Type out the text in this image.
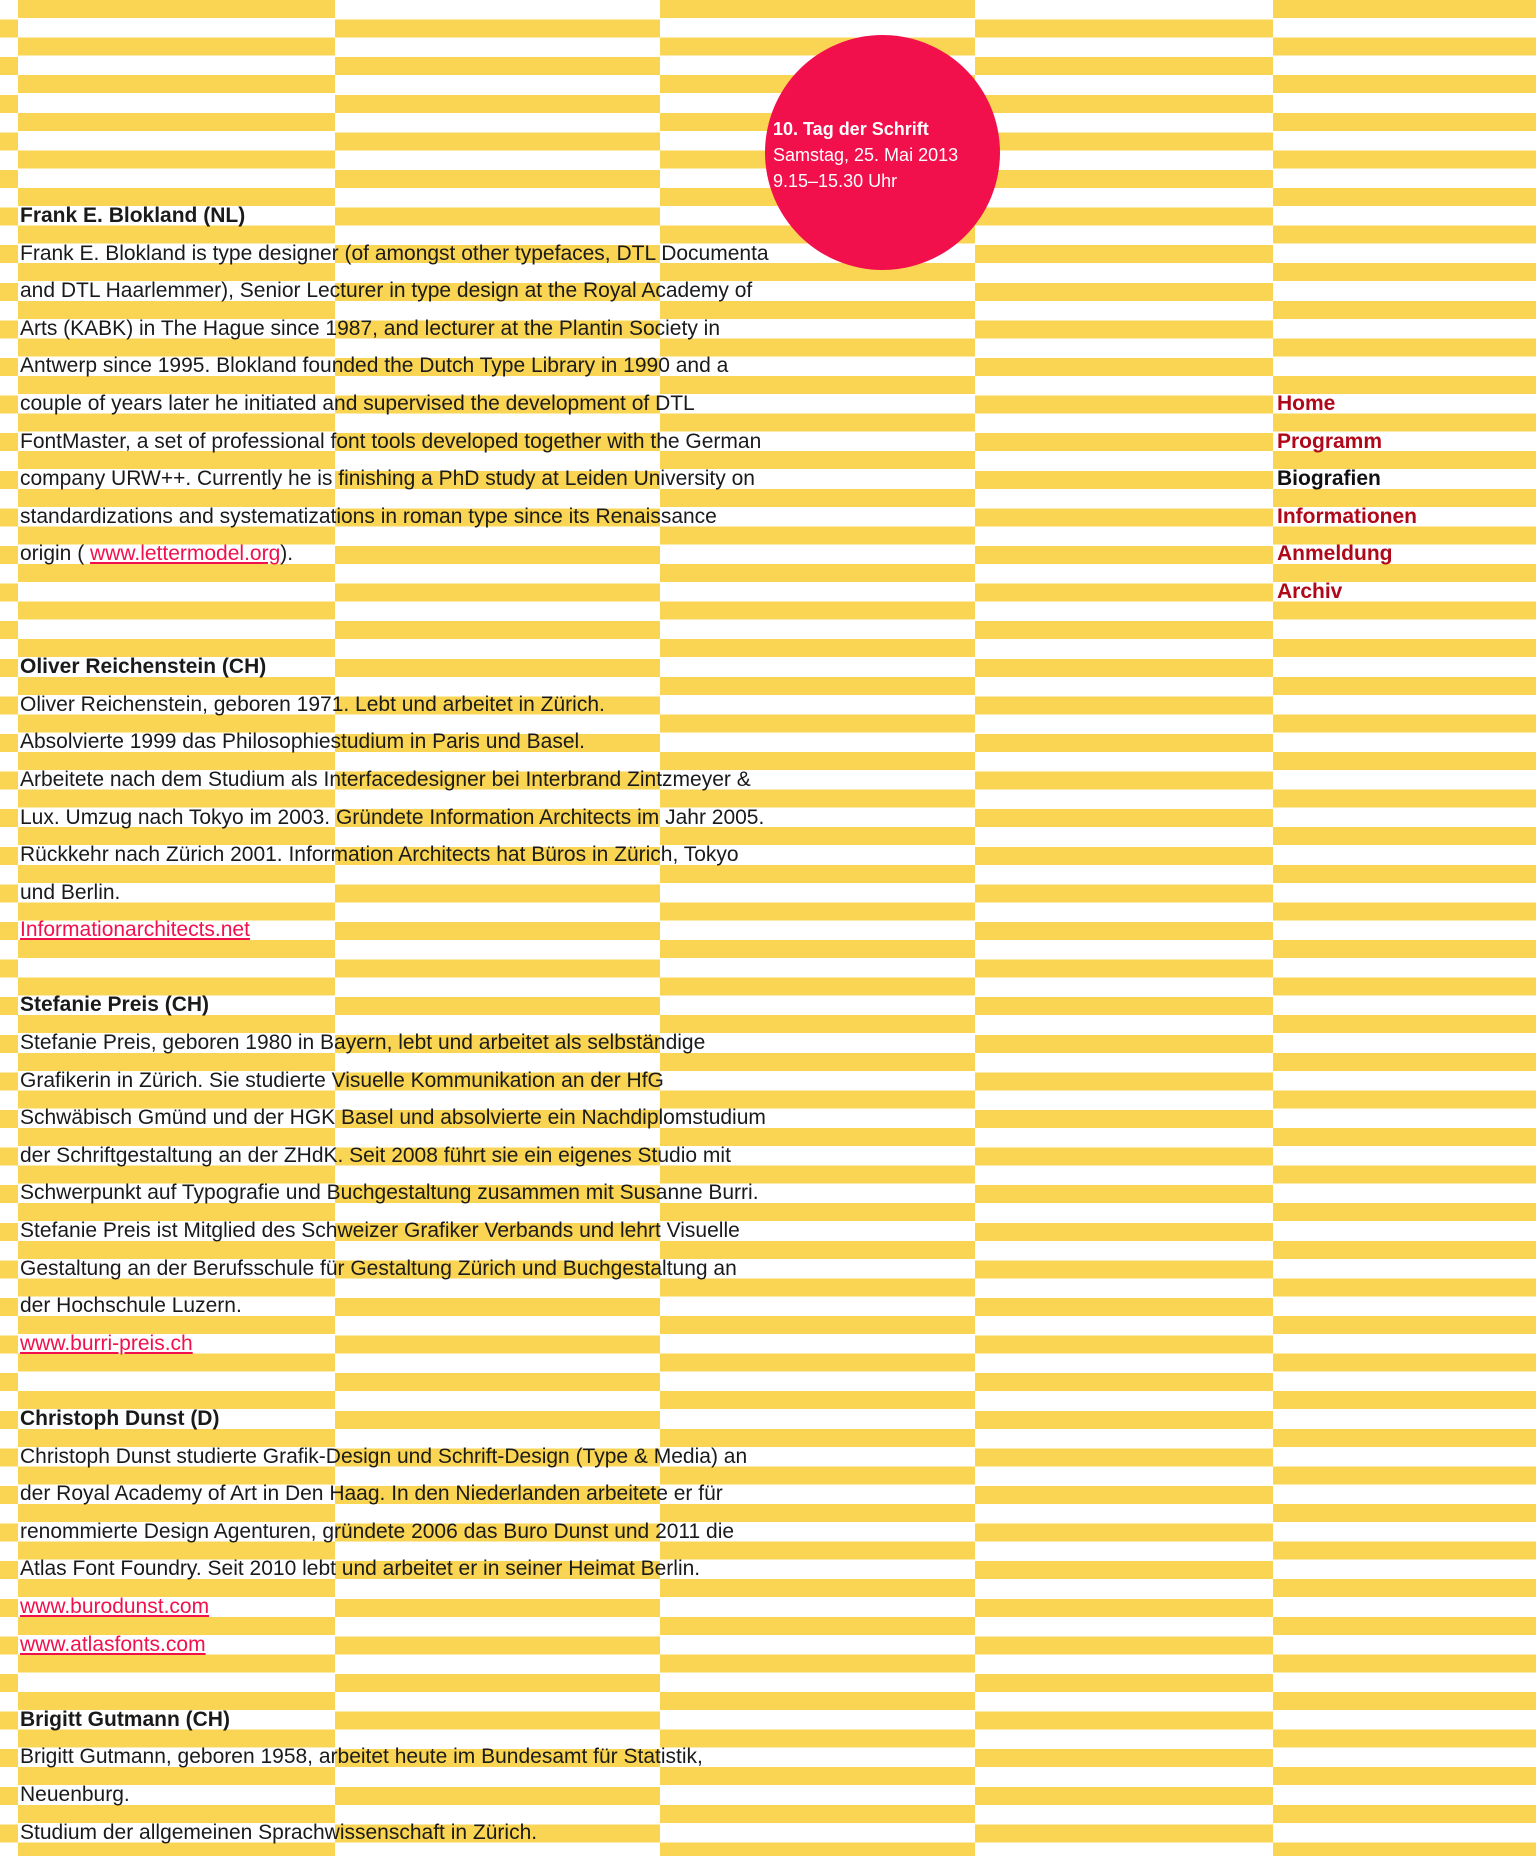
Frank E. Blokland (NL)
Frank E. Blokland is type designer (of amongst other typefaces, DTL Documenta
and DTL Haarlemmer), Senior Lecturer in type design at the Royal Academy of
Arts (KABK) in The Hague since 1987, and lecturer at the Plantin Society in
Antwerp since 1995. Blokland founded the Dutch Type Library in 1990 and a
couple of years later he initiated and supervised the development of DTL
FontMaster, a set of professional font tools developed together with the German
company URW++. Currently he is finishing a PhD study at Leiden University on
standardizations and systematizations in roman type since its Renaissance
origin ( www.lettermodel.org).
Oliver Reichenstein (CH)
Oliver Reichenstein, geboren 1971. Lebt und arbeitet in Zürich.
Absolvierte 1999 das Philosophiestudium in Paris und Basel.
Arbeitete nach dem Studium als Interfacedesigner bei Interbrand Zintzmeyer &
Lux. Umzug nach Tokyo im 2003. Gründete Information Architects im Jahr 2005.
Rückkehr nach Zürich 2001. Information Architects hat Büros in Zürich, Tokyo
und Berlin.
Informationarchitects.net
Stefanie Preis (CH)
Stefanie Preis, geboren 1980 in Bayern, lebt und arbeitet als selbständige
Grafikerin in Zürich. Sie studierte Visuelle Kommunikation an der HfG
Schwäbisch Gmünd und der HGK Basel und absolvierte ein Nachdiplomstudium
der Schriftgestaltung an der ZHdK. Seit 2008 führt sie ein eigenes Studio mit
Schwerpunkt auf Typografie und Buchgestaltung zusammen mit Susanne Burri.
Stefanie Preis ist Mitglied des Schweizer Grafiker Verbands und lehrt Visuelle
Gestaltung an der Berufsschule für Gestaltung Zürich und Buchgestaltung an
der Hochschule Luzern.
www.burri-preis.ch
Christoph Dunst (D)
Christoph Dunst studierte Grafik-Design und Schrift-Design (Type & Media) an
der Royal Academy of Art in Den Haag. In den Niederlanden arbeitete er für
renommierte Design Agenturen, gründete 2006 das Buro Dunst und 2011 die
Atlas Font Foundry. Seit 2010 lebt und arbeitet er in seiner Heimat Berlin.
www.burodunst.com
www.atlasfonts.com
Brigitt Gutmann (CH)
Brigitt Gutmann, geboren 1958, arbeitet heute im Bundesamt für Statistik,
Neuenburg.
Studium der allgemeinen Sprachwissenschaft in Zürich.
Home
Programm
Biografien
Informationen
Anmeldung
Archiv
10. Tag der Schrift
Samstag, 25. Mai 2013
9.15–15.30 Uhr
